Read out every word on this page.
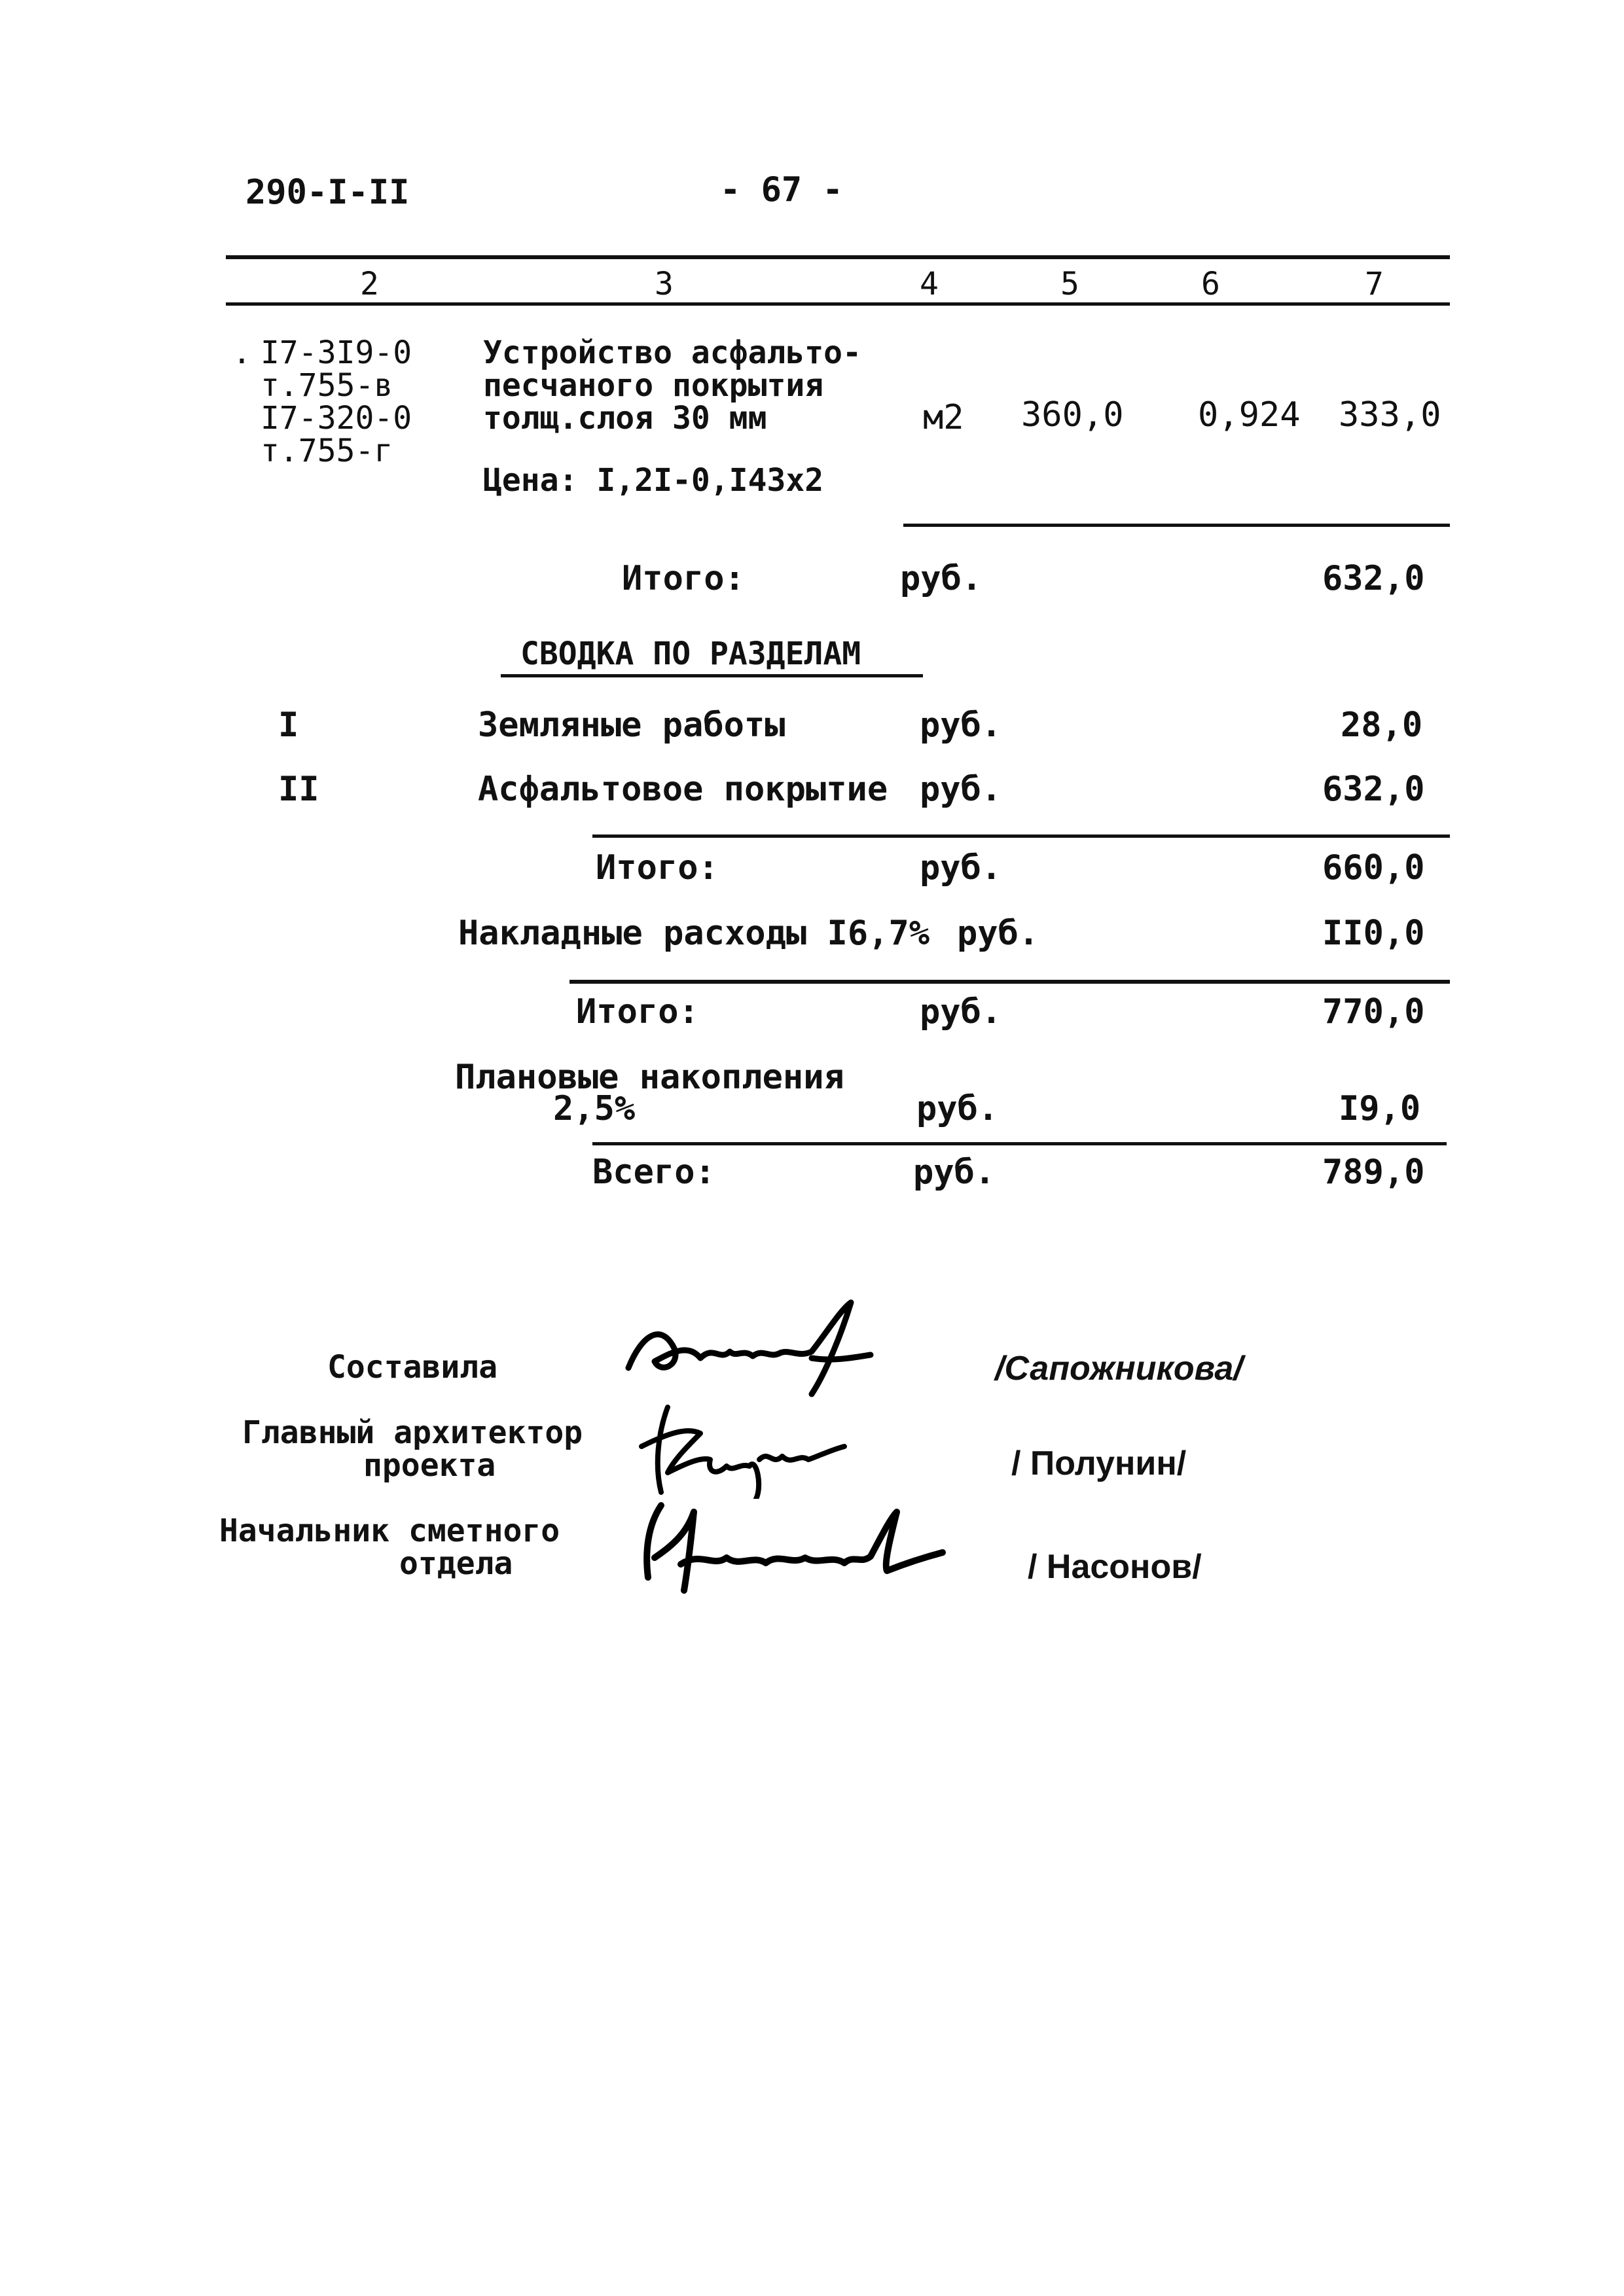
290-I-II	- 67 -
2	3	4	5	6	7
. I7-3I9-0
т.755-в
I7-320-0
т.755-г
Устройство асфальто-
песчаного покрытия
толщ.слоя 30 мм
Цена: I,2I-0,I43х2
м2 360,0 0,924 333,0
Итого:	руб.	632,0
СВОДКА ПО РАЗДЕЛАМ
I	Земляные работы	руб.	28,0
II	Асфальтовое покрытие руб.	632,0
Итого:	руб.	660,0
Накладные расходы I6,7% руб.	II0,0
Итого:	руб.	770,0
Плановые накопления
2,5%	руб.	I9,0
Всего:	руб.	789,0
Составила	/Сапожникова/
Главный архитектор
проекта	/ Полунин/
Начальник сметного
отдела	/ Насонов/
